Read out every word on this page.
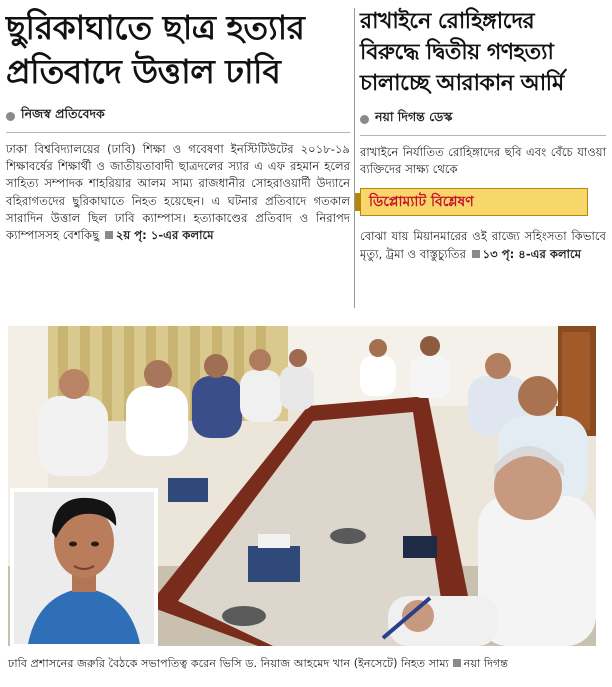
ছুরিকাঘাতে ছাত্র হত্যার
প্রতিবাদে উত্তাল ঢাবি
নিজস্ব প্রতিবেদক

ঢাকা বিশ্ববিদ্যালয়ের (ঢাবি) শিক্ষা ও গবেষণা ইনস্টিটিউটের ২০১৮-১৯ শিক্ষাবর্ষের শিক্ষার্থী ও জাতীয়তাবাদী ছাত্রদলের স্যার এ এফ রহমান হলের সাহিত্য সম্পাদক শাহরিয়ার আলম সাম্য রাজধানীর সোহরাওয়ার্দী উদ্যানে বহিরাগতদের ছুরিকাঘাতে নিহত হয়েছেন। এ ঘটনার প্রতিবাদে গতকাল সারাদিন উত্তাল ছিল ঢাবি ক্যাম্পাস। হত্যাকাণ্ডের প্রতিবাদ ও নিরাপদ ক্যাম্পাসসহ বেশকিছু ২য় পৃ: ১-এর কলামে

রাখাইনে রোহিঙ্গাদের
বিরুদ্ধে দ্বিতীয় গণহত্যা
চালাচ্ছে আরাকান আর্মি
নয়া দিগন্ত ডেস্ক

রাখাইনে নির্যাতিত রোহিঙ্গাদের ছবি এবং বেঁচে যাওয়া ব্যক্তিদের সাক্ষ্য থেকে

ডিপ্লোম্যাট বিশ্লেষণ

বোঝা যায় মিয়ানমারের ওই রাজ্যে সহিংসতা কিভাবে মৃত্যু, ট্রমা ও বাস্তুচ্যুতির ১৩ পৃ: ৪-এর কলামে

ঢাবি প্রশাসনের জরুরি বৈঠকে সভাপতিত্ব করেন ভিসি ড. নিয়াজ আহমেদ খান (ইনসেটে) নিহত সাম্য নয়া দিগন্ত
